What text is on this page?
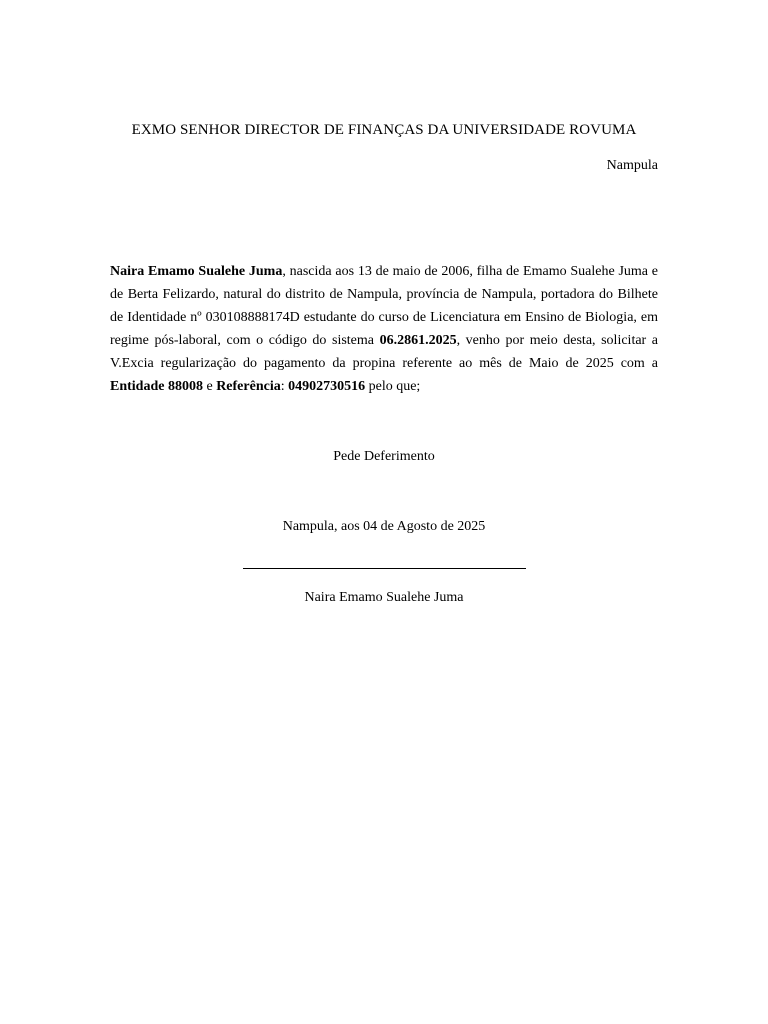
EXMO SENHOR DIRECTOR DE FINANÇAS DA UNIVERSIDADE ROVUMA
Nampula
Naira Emamo Sualehe Juma, nascida aos 13 de maio de 2006, filha de Emamo Sualehe Juma e de Berta Felizardo, natural do distrito de Nampula, província de Nampula, portadora do Bilhete de Identidade nº 030108888174D estudante do curso de Licenciatura em Ensino de Biologia, em regime pós-laboral, com o código do sistema 06.2861.2025, venho por meio desta, solicitar a V.Excia regularização do pagamento da propina referente ao mês de Maio de 2025 com a Entidade 88008 e Referência: 04902730516 pelo que;
Pede Deferimento
Nampula, aos 04 de Agosto de 2025
Naira Emamo Sualehe Juma
